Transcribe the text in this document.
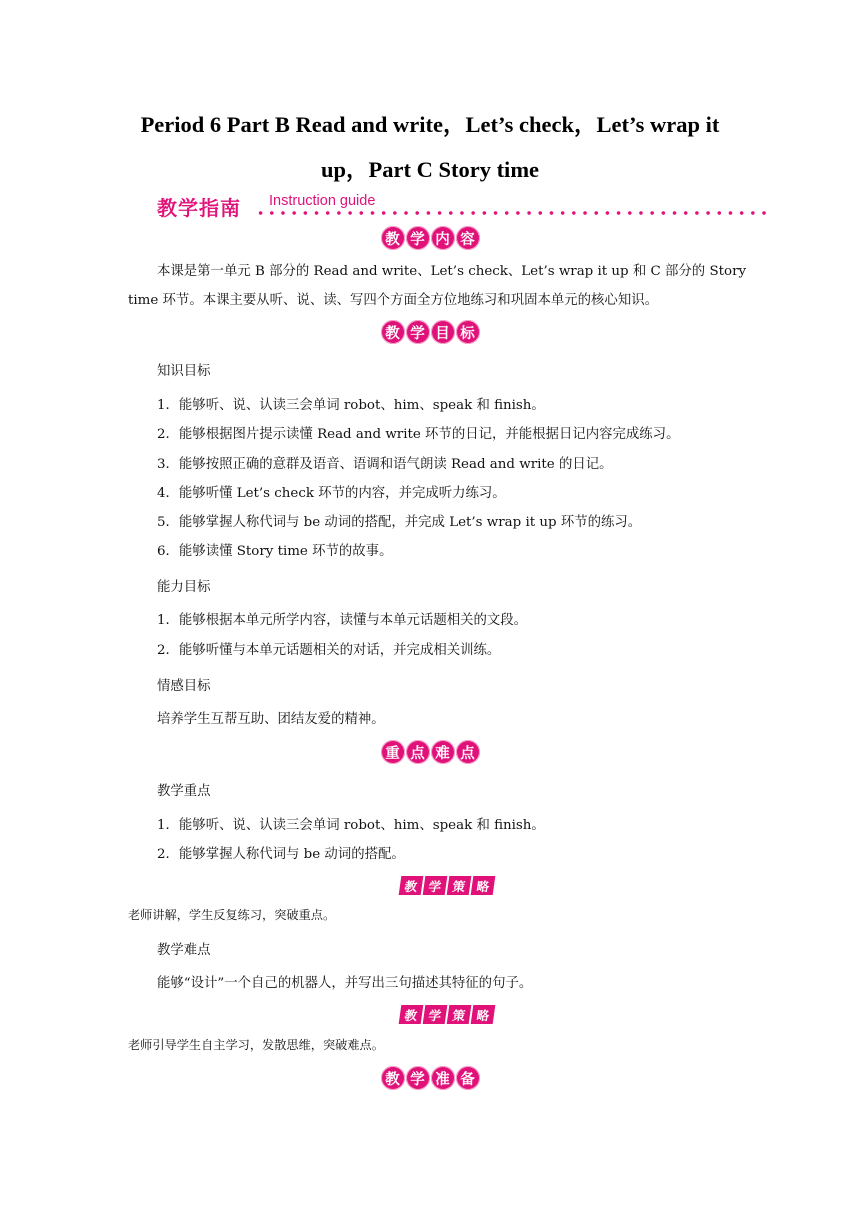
Period 6 Part B Read and write，Let’s check，Let’s wrap it
up，Part C Story time
教学指南 Instruction guide
教 学 内 容
本课是第一单元 B 部分的 Read and write、Let’s check、Let’s wrap it up 和 C 部分的 Story
time 环节。本课主要从听、说、读、写四个方面全方位地练习和巩固本单元的核心知识。
教 学 目 标
知识目标
1．能够听、说、认读三会单词 robot、him、speak 和 finish。
2．能够根据图片提示读懂 Read and write 环节的日记，并能根据日记内容完成练习。
3．能够按照正确的意群及语音、语调和语气朗读 Read and write 的日记。
4．能够听懂 Let’s check 环节的内容，并完成听力练习。
5．能够掌握人称代词与 be 动词的搭配，并完成 Let’s wrap it up 环节的练习。
6．能够读懂 Story time 环节的故事。
能力目标
1．能够根据本单元所学内容，读懂与本单元话题相关的文段。
2．能够听懂与本单元话题相关的对话，并完成相关训练。
情感目标
培养学生互帮互助、团结友爱的精神。
重 点 难 点
教学重点
1．能够听、说、认读三会单词 robot、him、speak 和 finish。
2．能够掌握人称代词与 be 动词的搭配。
教 学 策 略
老师讲解，学生反复练习，突破重点。
教学难点
能够“设计”一个自己的机器人，并写出三句描述其特征的句子。
教 学 策 略
老师引导学生自主学习，发散思维，突破难点。
教 学 准 备
